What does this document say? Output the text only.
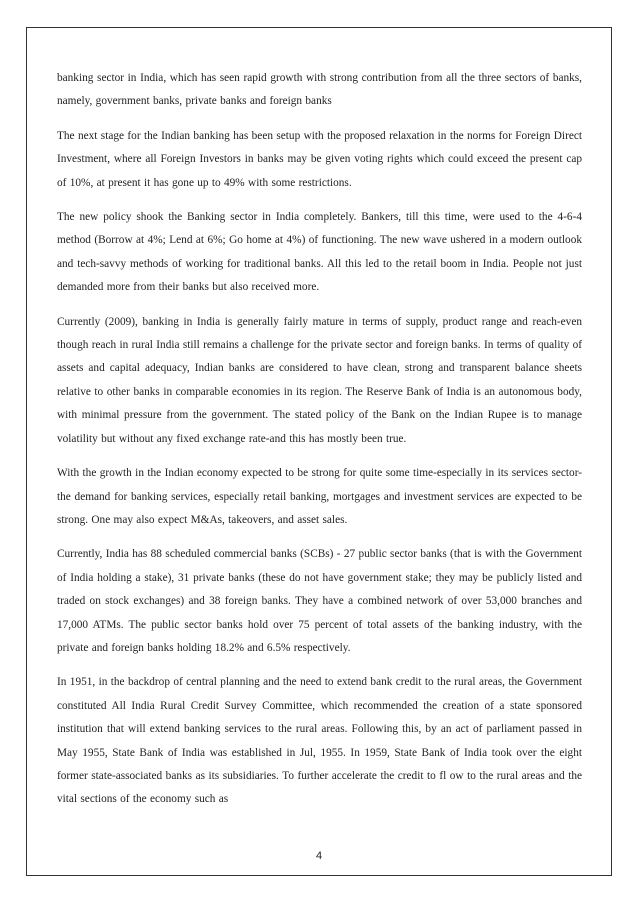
banking sector in India, which has seen rapid growth with strong contribution from all the three sectors of banks, namely, government banks, private banks and foreign banks

The next stage for the Indian banking has been setup with the proposed relaxation in the norms for Foreign Direct Investment, where all Foreign Investors in banks may be given voting rights which could exceed the present cap of 10%, at present it has gone up to 49% with some restrictions.

The new policy shook the Banking sector in India completely. Bankers, till this time, were used to the 4-6-4 method (Borrow at 4%; Lend at 6%; Go home at 4%) of functioning. The new wave ushered in a modern outlook and tech-savvy methods of working for traditional banks. All this led to the retail boom in India. People not just demanded more from their banks but also received more.

Currently (2009), banking in India is generally fairly mature in terms of supply, product range and reach-even though reach in rural India still remains a challenge for the private sector and foreign banks. In terms of quality of assets and capital adequacy, Indian banks are considered to have clean, strong and transparent balance sheets relative to other banks in comparable economies in its region. The Reserve Bank of India is an autonomous body, with minimal pressure from the government. The stated policy of the Bank on the Indian Rupee is to manage volatility but without any fixed exchange rate-and this has mostly been true.

With the growth in the Indian economy expected to be strong for quite some time-especially in its services sector-the demand for banking services, especially retail banking, mortgages and investment services are expected to be strong. One may also expect M&As, takeovers, and asset sales.

Currently, India has 88 scheduled commercial banks (SCBs) - 27 public sector banks (that is with the Government of India holding a stake), 31 private banks (these do not have government stake; they may be publicly listed and traded on stock exchanges) and 38 foreign banks. They have a combined network of over 53,000 branches and 17,000 ATMs. The public sector banks hold over 75 percent of total assets of the banking industry, with the private and foreign banks holding 18.2% and 6.5% respectively.

In 1951, in the backdrop of central planning and the need to extend bank credit to the rural areas, the Government constituted All India Rural Credit Survey Committee, which recommended the creation of a state sponsored institution that will extend banking services to the rural areas. Following this, by an act of parliament passed in May 1955, State Bank of India was established in Jul, 1955. In 1959, State Bank of India took over the eight former state-associated banks as its subsidiaries. To further accelerate the credit to fl ow to the rural areas and the vital sections of the economy such as

4
